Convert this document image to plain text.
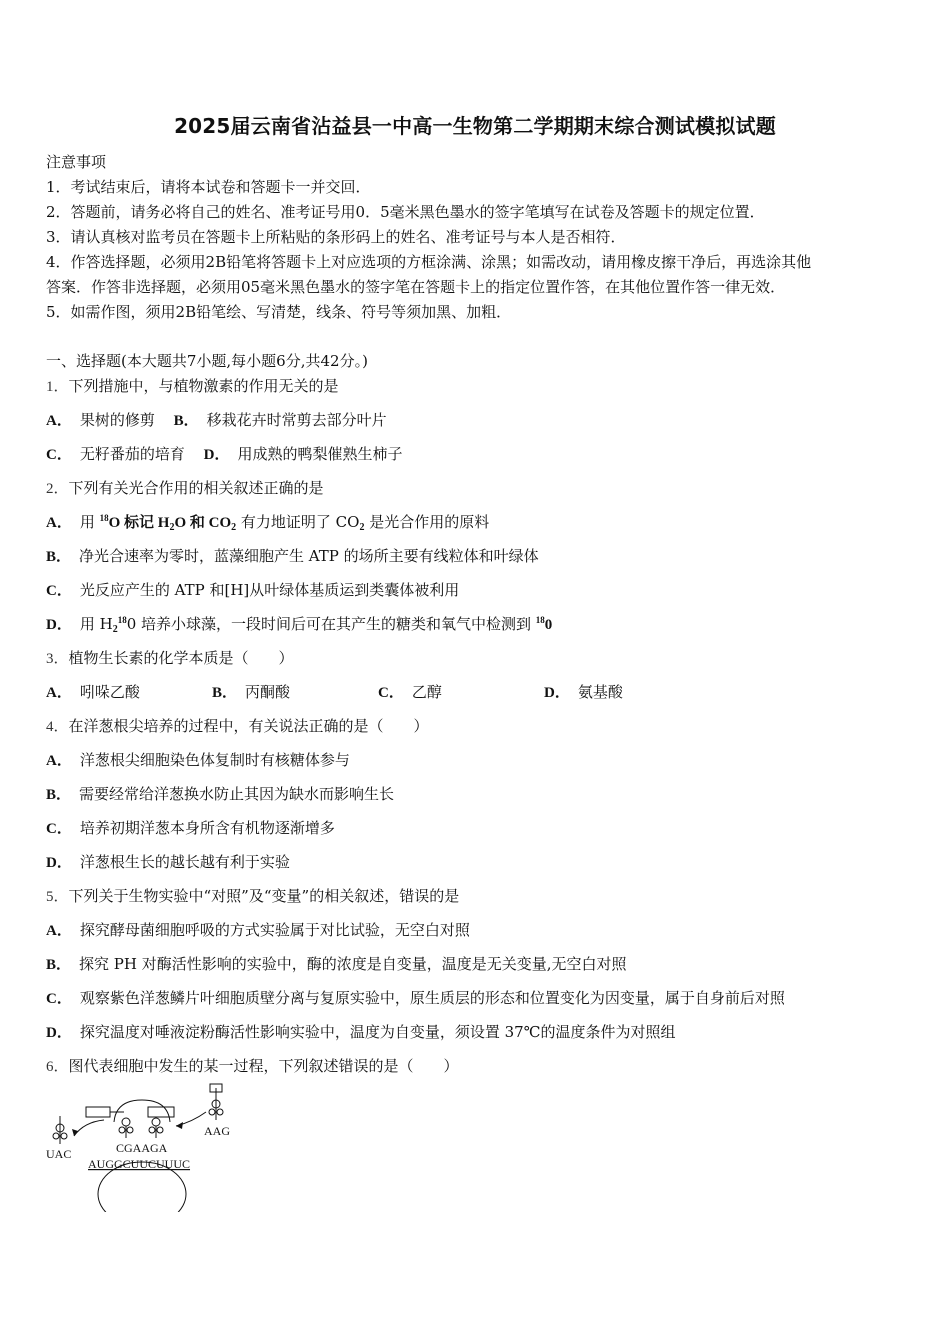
2025届云南省沾益县一中高一生物第二学期期末综合测试模拟试题
注意事项
1．考试结束后，请将本试卷和答题卡一并交回．
2．答题前，请务必将自己的姓名、准考证号用0．5毫米黑色墨水的签字笔填写在试卷及答题卡的规定位置．
3．请认真核对监考员在答题卡上所粘贴的条形码上的姓名、准考证号与本人是否相符．
4．作答选择题，必须用2B铅笔将答题卡上对应选项的方框涂满、涂黑；如需改动，请用橡皮擦干净后，再选涂其他
答案．作答非选择题，必须用05毫米黑色墨水的签字笔在答题卡上的指定位置作答，在其他位置作答一律无效．
5．如需作图，须用2B铅笔绘、写清楚，线条、符号等须加黑、加粗．
一、选择题(本大题共7小题,每小题6分,共42分。)
1．下列措施中，与植物激素的作用无关的是
A． 果树的修剪 B． 移栽花卉时常剪去部分叶片
C． 无籽番茄的培育 D． 用成熟的鸭梨催熟生柿子
2．下列有关光合作用的相关叙述正确的是
A． 用 $^{18}$O 标记 $H_2O$ 和 $CO_2$ 有力地证明了 $CO_2$ 是光合作用的原料
B． 净光合速率为零时，蓝藻细胞产生 ATP 的场所主要有线粒体和叶绿体
C． 光反应产生的 ATP 和[H]从叶绿体基质运到类囊体被利用
D． 用 $H_2^{18}0$ 培养小球藻，一段时间后可在其产生的糖类和氧气中检测到 $^{18}$0
3．植物生长素的化学本质是（　　）
A． 吲哚乙酸	B． 丙酮酸	C． 乙醇	D． 氨基酸
4．在洋葱根尖培养的过程中，有关说法正确的是（　　）
A． 洋葱根尖细胞染色体复制时有核糖体参与
B． 需要经常给洋葱换水防止其因为缺水而影响生长
C． 培养初期洋葱本身所含有机物逐渐增多
D． 洋葱根生长的越长越有利于实验
5．下列关于生物实验中“对照”及“变量”的相关叙述，错误的是
A． 探究酵母菌细胞呼吸的方式实验属于对比试验，无空白对照
B． 探究 PH 对酶活性影响的实验中，酶的浓度是自变量，温度是无关变量,无空白对照
C． 观察紫色洋葱鳞片叶细胞质壁分离与复原实验中，原生质层的形态和位置变化为因变量，属于自身前后对照
D． 探究温度对唾液淀粉酶活性影响实验中，温度为自变量，须设置 37℃的温度条件为对照组
6．图代表细胞中发生的某一过程，下列叙述错误的是（　　）
UAC
AAG
CGAAGA
AUGGCUUCUUUC
